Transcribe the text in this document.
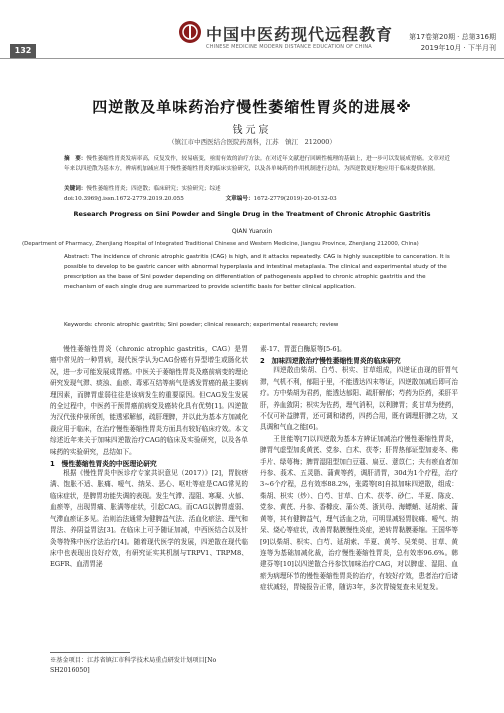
132
中国中医药现代远程教育
CHINESE MEDICINE MODERN DISTANCE EDUCATION OF CHINA
第17卷第20期 · 总第316期
2019年10月 · 下半月刊
四逆散及单味药治疗慢性萎缩性胃炎的进展※
钱元宸
（镇江市中西医结合医院药剂科，江苏　镇江　212000）
摘　要：慢性萎缩性胃炎发病率高，反复发作，较易癌变，亟需有效的治疗方法。在对近年文献进行回顾性梳理的基础上，进一步可以发展成胃癌。文章对近年来以四逆散为基本方，辨病机加减应用于慢性萎缩性胃炎的临床实验研究，以及各单味药的作用机制进行总结，为四逆散更好地应用于临床提供依据。
关键词：慢性萎缩性胃炎；四逆散；临床研究；实验研究；综述
doi:10.3969/j.issn.1672-2779.2019.20.055	文章编号：1672-2779(2019)-20-0132-03
Research Progress on Sini Powder and Single Drug in the Treatment of Chronic Atrophic Gastritis
QIAN Yuanxin
(Department of Pharmacy, Zhenjiang Hospital of Integrated Traditional Chinese and Western Medicine, Jiangsu Province, Zhenjiang 212000, China)
Abstract: The incidence of chronic atrophic gastritis (CAG) is high, and it attacks repeatedly. CAG is highly susceptible to canceration. It is possible to develop to be gastric cancer with abnormal hyperplasia and intestinal metaplasia. The clinical and experimental study of the prescription as the base of Sini powder depending on differentiation of pathogenesis applied to chronic atrophic gastritis and the mechanism of each single drug are summarized to provide scientific basis for better clinical application.
Keywords: chronic atrophic gastritis; Sini powder; clinical research; experimental research; review

慢性萎缩性胃炎（chronic atrophic gastritis，CAG）是胃癌中常见的一种胃病，现代医学认为CAG份癌有异型增生或肠化状况，进一步可能发展成胃癌。中医关于萎缩性胃炎及癌前病变的理论研究发现气滞、痰浊、血瘀、毒邪互结等病气是诱发胃癌的最主要病理因素，而脾胃虚弱往往是该病发生的重要原因。但CAG发生发展的全过程中，中医药干预胃癌前病变及癌转化具有优势[1]。四逆散为汉代张仲景所创，能透邪解郁，疏肝理脾，并以此为基本方加减化裁应用于临床，在治疗慢性萎缩性胃炎方面具有较好临床疗效。本文综述近年来关于加味四逆散治疗CAG的临床及实验研究，以及各单味药的实验研究，总结如下。

1　慢性萎缩性胃炎的中医理论研究

根据《慢性胃炎中医诊疗专家共识意见（2017）》[2]，胃脘痞满、饱胀不适、胀痛、嗳气、纳呆、恶心、呕吐等症是CAG常见的临床症状，是脾胃功能失调的表现。发生气滞、湿阻、寒凝、火郁、血瘀等，出现胃痛、胀满等症状，引起CAG。而CAG以脾胃虚弱、气滞血瘀证多见。治则治法通常为健脾益气法、活血化瘀法、理气和胃法、养阴益胃法[3]。在临床上可予随证加减，中西医结合以及针灸等特殊中医疗法治疗[4]。随着现代医学的发展，四逆散在现代临床中也表现出良好疗效，有研究证实其机制与TRPV1、TRPM8、EGFR、血清胃泌

素-17、胃蛋白酶原等[5-6]。

2　加味四逆散治疗慢性萎缩性胃炎的临床研究

四逆散由柴胡、白芍、枳实、甘草组成，四逆证由现的肝胃气滞，气机不利，郁阻于里，不能透达四末等证，四逆散加减后即可治疗。方中柴胡为君药，能透达郁阳、疏肝解郁；芍药为臣药，柔肝平肝，养血敛阴；枳实为佐药，理气消积，以利脾胃；炙甘草为使药，不仅可补益脾胃，还可调和诸药，四药合用，既有调理肝脾之功，又具调和气血之能[6]。

王世能等[7]以四逆散为基本方辨证加减治疗慢性萎缩性胃炎，脾胃气虚型加炙黄芪、党参、白术、茯苓；肝胃热郁证型加麦冬、佛手片、绿萼梅；脾胃湿阻型加白豆蔻、扁豆、薏苡仁；夫有瘀血者加丹参、莪术、五灵脂、蒲黄等药，调肝清胃，30d为1个疗程，治疗3~6个疗程，总有效率88.2%，张霞等[8]自拟加味四逆散，组成：柴胡、枳实（炒）、白芍、甘草、白术、茯苓、砂仁、半夏、陈皮、党参、黄芪、丹参、香橼皮、蒲公英、浙贝母、海螵蛸、延胡索、蒲黄等，其有健脾益气，理气活血之功，可明显减轻胃脘痛、嗳气、纳呆、烧心等症状，改善胃黏膜慢性炎症，逆转胃黏膜萎缩。王国华等[9]以柴胡、枳实、白芍、延胡索、半夏、黄芩、吴茱萸、甘草、黄连等为基础加减化裁，治疗慢性萎缩性胃炎，总有效率96.6%。韩建芬等[10]以四逆散合丹参饮加味治疗CAG，对以脾虚、湿阻、血瘀为病理环节的慢性萎缩性胃炎的治疗，有较好疗效，患者治疗后诸症状减轻，胃镜报告正常，随访3年，多次胃镜复查未见复发。

※基金项目：江苏省镇江市科学技术局重点研发计划项目[No SH2016050]
